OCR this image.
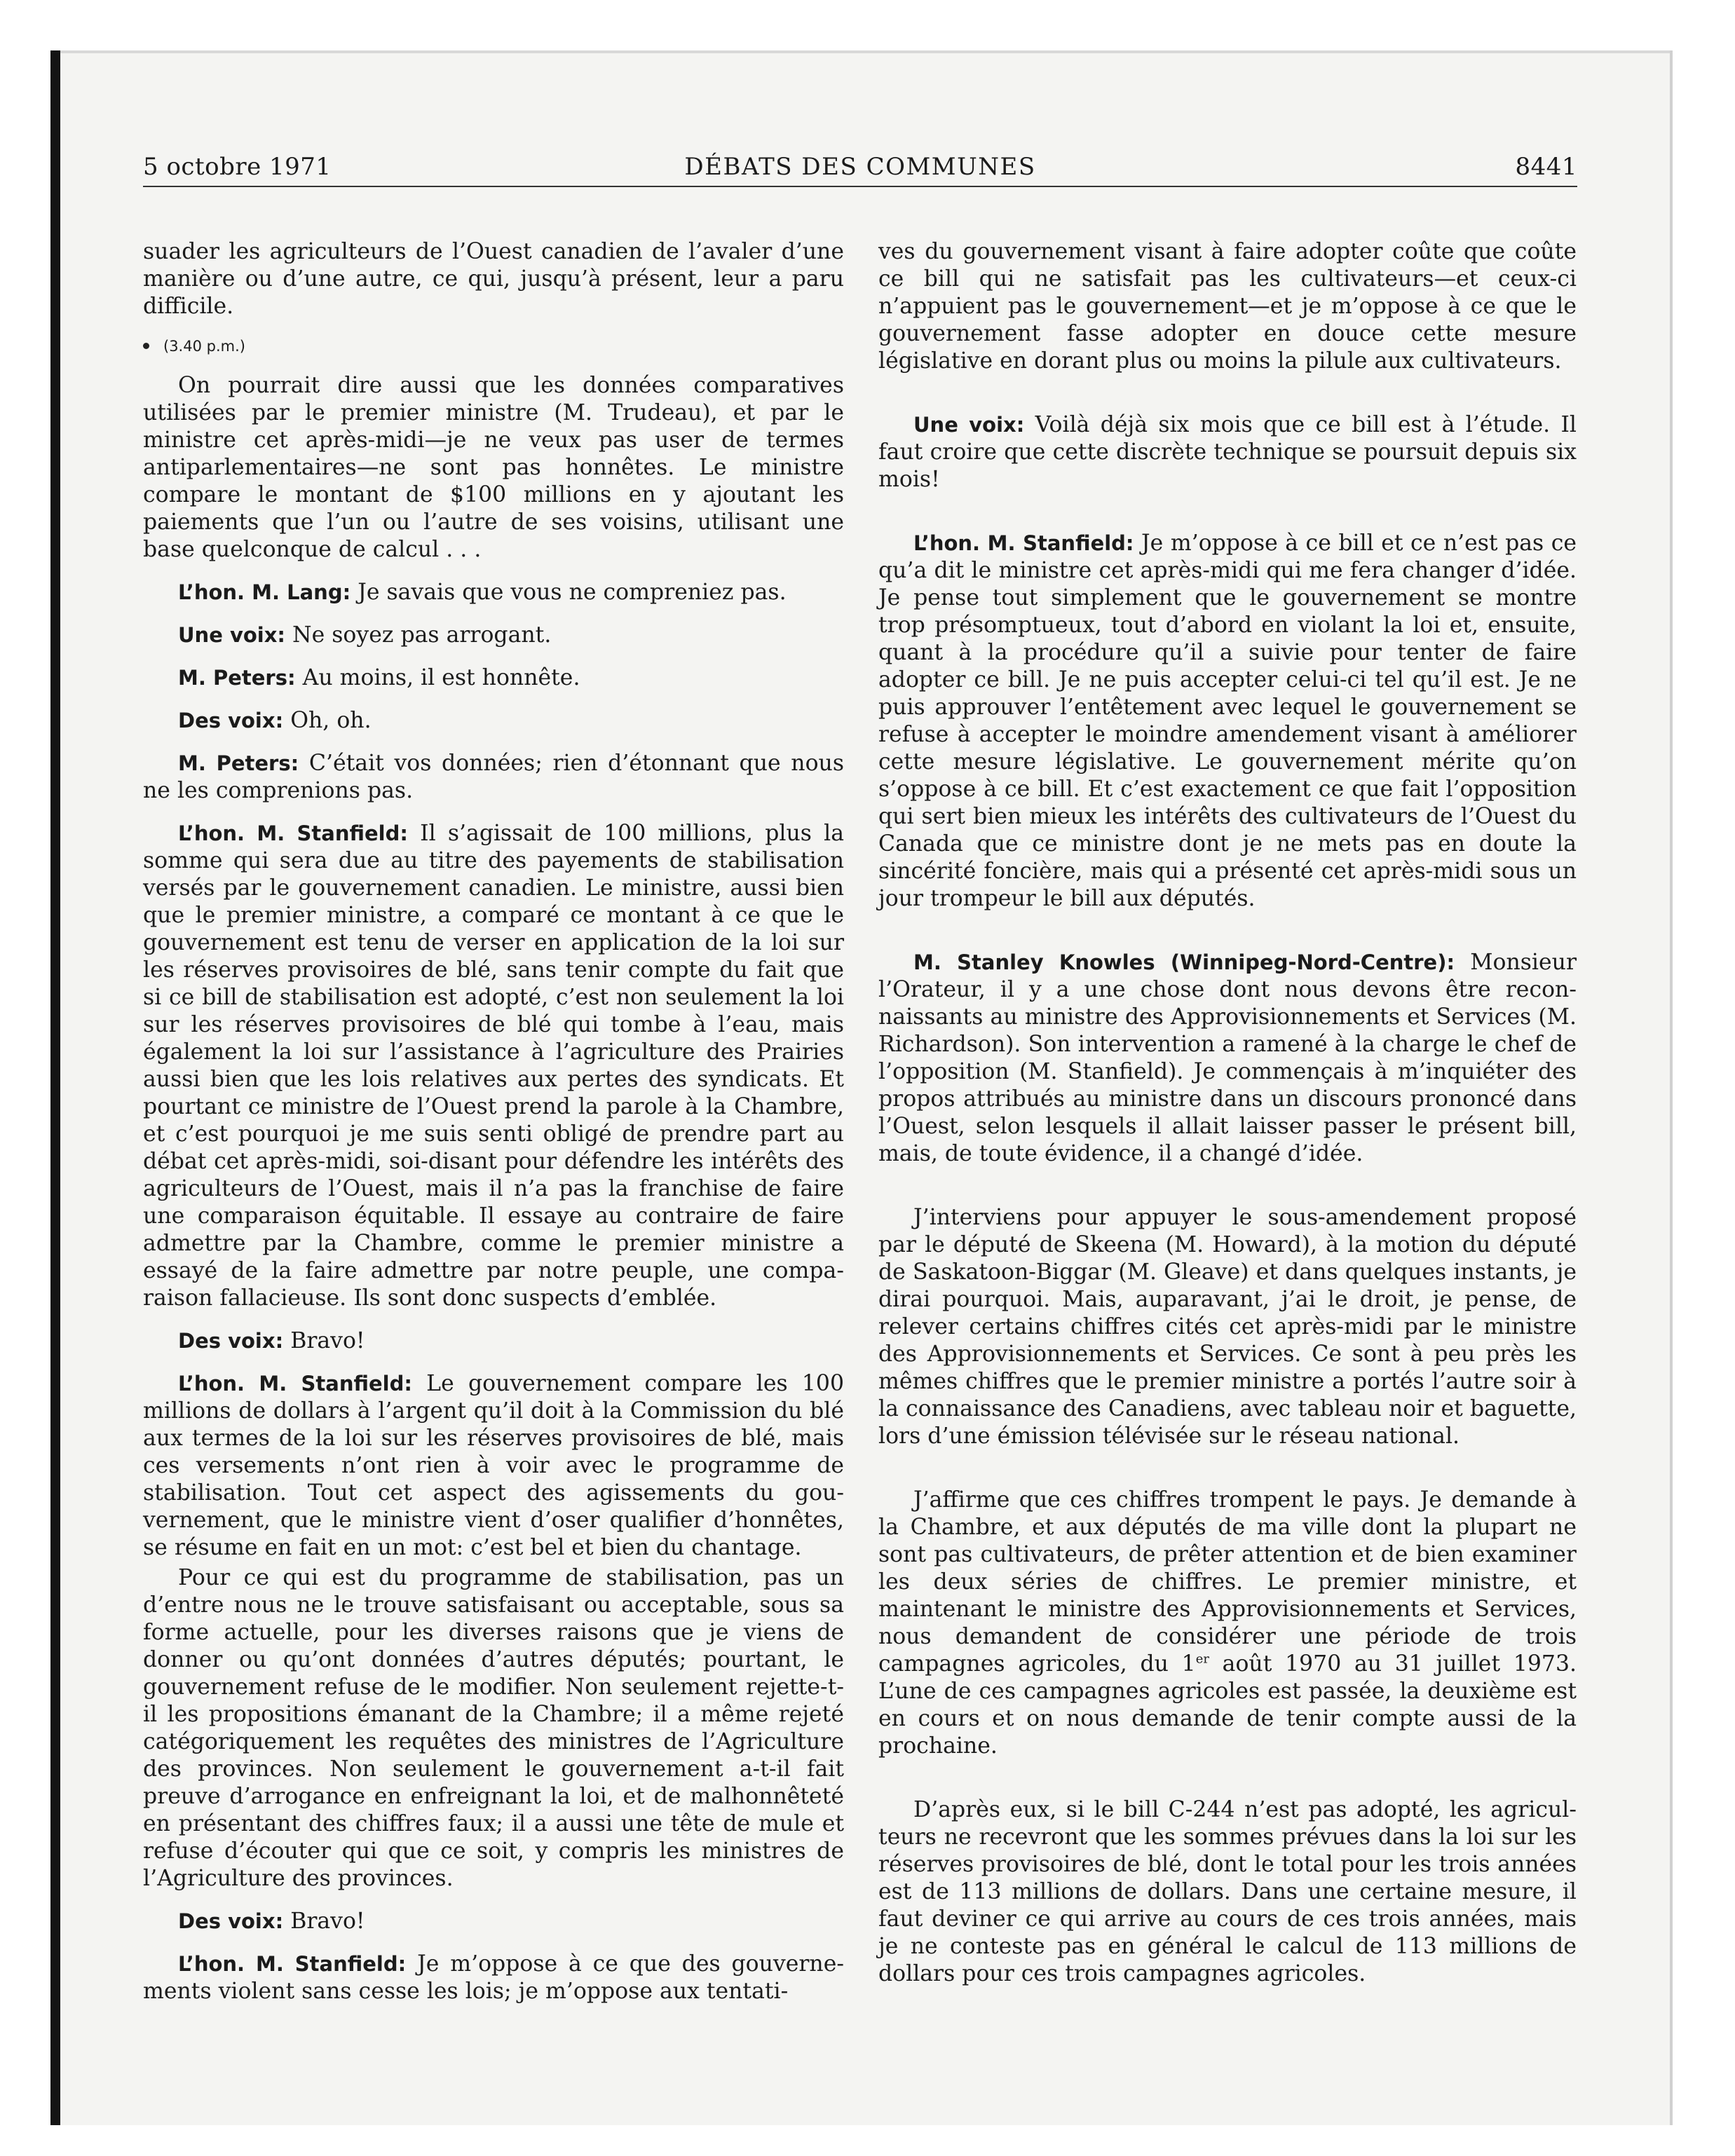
5 octobre 1971	DÉBATS DES COMMUNES	8441

suader les agriculteurs de l’Ouest canadien de l’avaler d’une manière ou d’une autre, ce qui, jusqu’à présent, leur a paru difficile.

(3.40 p.m.)

On pourrait dire aussi que les données comparatives utilisées par le premier ministre (M. Trudeau), et par le ministre cet après-midi—je ne veux pas user de termes antiparlementaires—ne sont pas honnêtes. Le ministre compare le montant de $100 millions en y ajoutant les paiements que l’un ou l’autre de ses voisins, utilisant une base quelconque de calcul . . .

L’hon. M. Lang: Je savais que vous ne compreniez pas.

Une voix: Ne soyez pas arrogant.

M. Peters: Au moins, il est honnête.

Des voix: Oh, oh.

M. Peters: C’était vos données; rien d’étonnant que nous ne les comprenions pas.

L’hon. M. Stanfield: Il s’agissait de 100 millions, plus la somme qui sera due au titre des payements de stabilisation versés par le gouvernement canadien. Le ministre, aussi bien que le premier ministre, a comparé ce montant à ce que le gouvernement est tenu de verser en application de la loi sur les réserves provisoires de blé, sans tenir compte du fait que si ce bill de stabilisation est adopté, c’est non seulement la loi sur les réserves provisoires de blé qui tombe à l’eau, mais également la loi sur l’assistance à l’agriculture des Prairies aussi bien que les lois relatives aux pertes des syndicats. Et pourtant ce ministre de l’Ouest prend la parole à la Chambre, et c’est pourquoi je me suis senti obligé de prendre part au débat cet après-midi, soi-disant pour défendre les intérêts des agriculteurs de l’Ouest, mais il n’a pas la franchise de faire une comparaison équitable. Il essaye au contraire de faire admettre par la Chambre, comme le premier ministre a essayé de la faire admettre par notre peuple, une comparaison fallacieuse. Ils sont donc suspects d’emblée.

Des voix: Bravo!

L’hon. M. Stanfield: Le gouvernement compare les 100 millions de dollars à l’argent qu’il doit à la Commission du blé aux termes de la loi sur les réserves provisoires de blé, mais ces versements n’ont rien à voir avec le programme de stabilisation. Tout cet aspect des agissements du gouvernement, que le ministre vient d’oser qualifier d’honnêtes, se résume en fait en un mot: c’est bel et bien du chantage.

Pour ce qui est du programme de stabilisation, pas un d’entre nous ne le trouve satisfaisant ou acceptable, sous sa forme actuelle, pour les diverses raisons que je viens de donner ou qu’ont données d’autres députés; pourtant, le gouvernement refuse de le modifier. Non seulement rejette-t-il les propositions émanant de la Chambre; il a même rejeté catégoriquement les requêtes des ministres de l’Agriculture des provinces. Non seulement le gouvernement a-t-il fait preuve d’arrogance en enfreignant la loi, et de malhonnêteté en présentant des chiffres faux; il a aussi une tête de mule et refuse d’écouter qui que ce soit, y compris les ministres de l’Agriculture des provinces.

Des voix: Bravo!

L’hon. M. Stanfield: Je m’oppose à ce que des gouvernements violent sans cesse les lois; je m’oppose aux tentati-

ves du gouvernement visant à faire adopter coûte que coûte ce bill qui ne satisfait pas les cultivateurs—et ceux-ci n’appuient pas le gouvernement—et je m’oppose à ce que le gouvernement fasse adopter en douce cette mesure législative en dorant plus ou moins la pilule aux cultivateurs.

Une voix: Voilà déjà six mois que ce bill est à l’étude. Il faut croire que cette discrète technique se poursuit depuis six mois!

L’hon. M. Stanfield: Je m’oppose à ce bill et ce n’est pas ce qu’a dit le ministre cet après-midi qui me fera changer d’idée. Je pense tout simplement que le gouvernement se montre trop présomptueux, tout d’abord en violant la loi et, ensuite, quant à la procédure qu’il a suivie pour tenter de faire adopter ce bill. Je ne puis accepter celui-ci tel qu’il est. Je ne puis approuver l’entêtement avec lequel le gouvernement se refuse à accepter le moindre amendement visant à améliorer cette mesure législative. Le gouvernement mérite qu’on s’oppose à ce bill. Et c’est exactement ce que fait l’opposition qui sert bien mieux les intérêts des cultivateurs de l’Ouest du Canada que ce ministre dont je ne mets pas en doute la sincérité foncière, mais qui a présenté cet après-midi sous un jour trompeur le bill aux députés.

M. Stanley Knowles (Winnipeg-Nord-Centre): Monsieur l’Orateur, il y a une chose dont nous devons être reconnaissants au ministre des Approvisionnements et Services (M. Richardson). Son intervention a ramené à la charge le chef de l’opposition (M. Stanfield). Je commençais à m’inquiéter des propos attribués au ministre dans un discours prononcé dans l’Ouest, selon lesquels il allait laisser passer le présent bill, mais, de toute évidence, il a changé d’idée.

J’interviens pour appuyer le sous-amendement proposé par le député de Skeena (M. Howard), à la motion du député de Saskatoon-Biggar (M. Gleave) et dans quelques instants, je dirai pourquoi. Mais, auparavant, j’ai le droit, je pense, de relever certains chiffres cités cet après-midi par le ministre des Approvisionnements et Services. Ce sont à peu près les mêmes chiffres que le premier ministre a portés l’autre soir à la connaissance des Canadiens, avec tableau noir et baguette, lors d’une émission télévisée sur le réseau national.

J’affirme que ces chiffres trompent le pays. Je demande à la Chambre, et aux députés de ma ville dont la plupart ne sont pas cultivateurs, de prêter attention et de bien examiner les deux séries de chiffres. Le premier ministre, et maintenant le ministre des Approvisionnements et Services, nous demandent de considérer une période de trois campagnes agricoles, du 1er août 1970 au 31 juillet 1973. L’une de ces campagnes agricoles est passée, la deuxième est en cours et on nous demande de tenir compte aussi de la prochaine.

D’après eux, si le bill C-244 n’est pas adopté, les agriculteurs ne recevront que les sommes prévues dans la loi sur les réserves provisoires de blé, dont le total pour les trois années est de 113 millions de dollars. Dans une certaine mesure, il faut deviner ce qui arrive au cours de ces trois années, mais je ne conteste pas en général le calcul de 113 millions de dollars pour ces trois campagnes agricoles.
